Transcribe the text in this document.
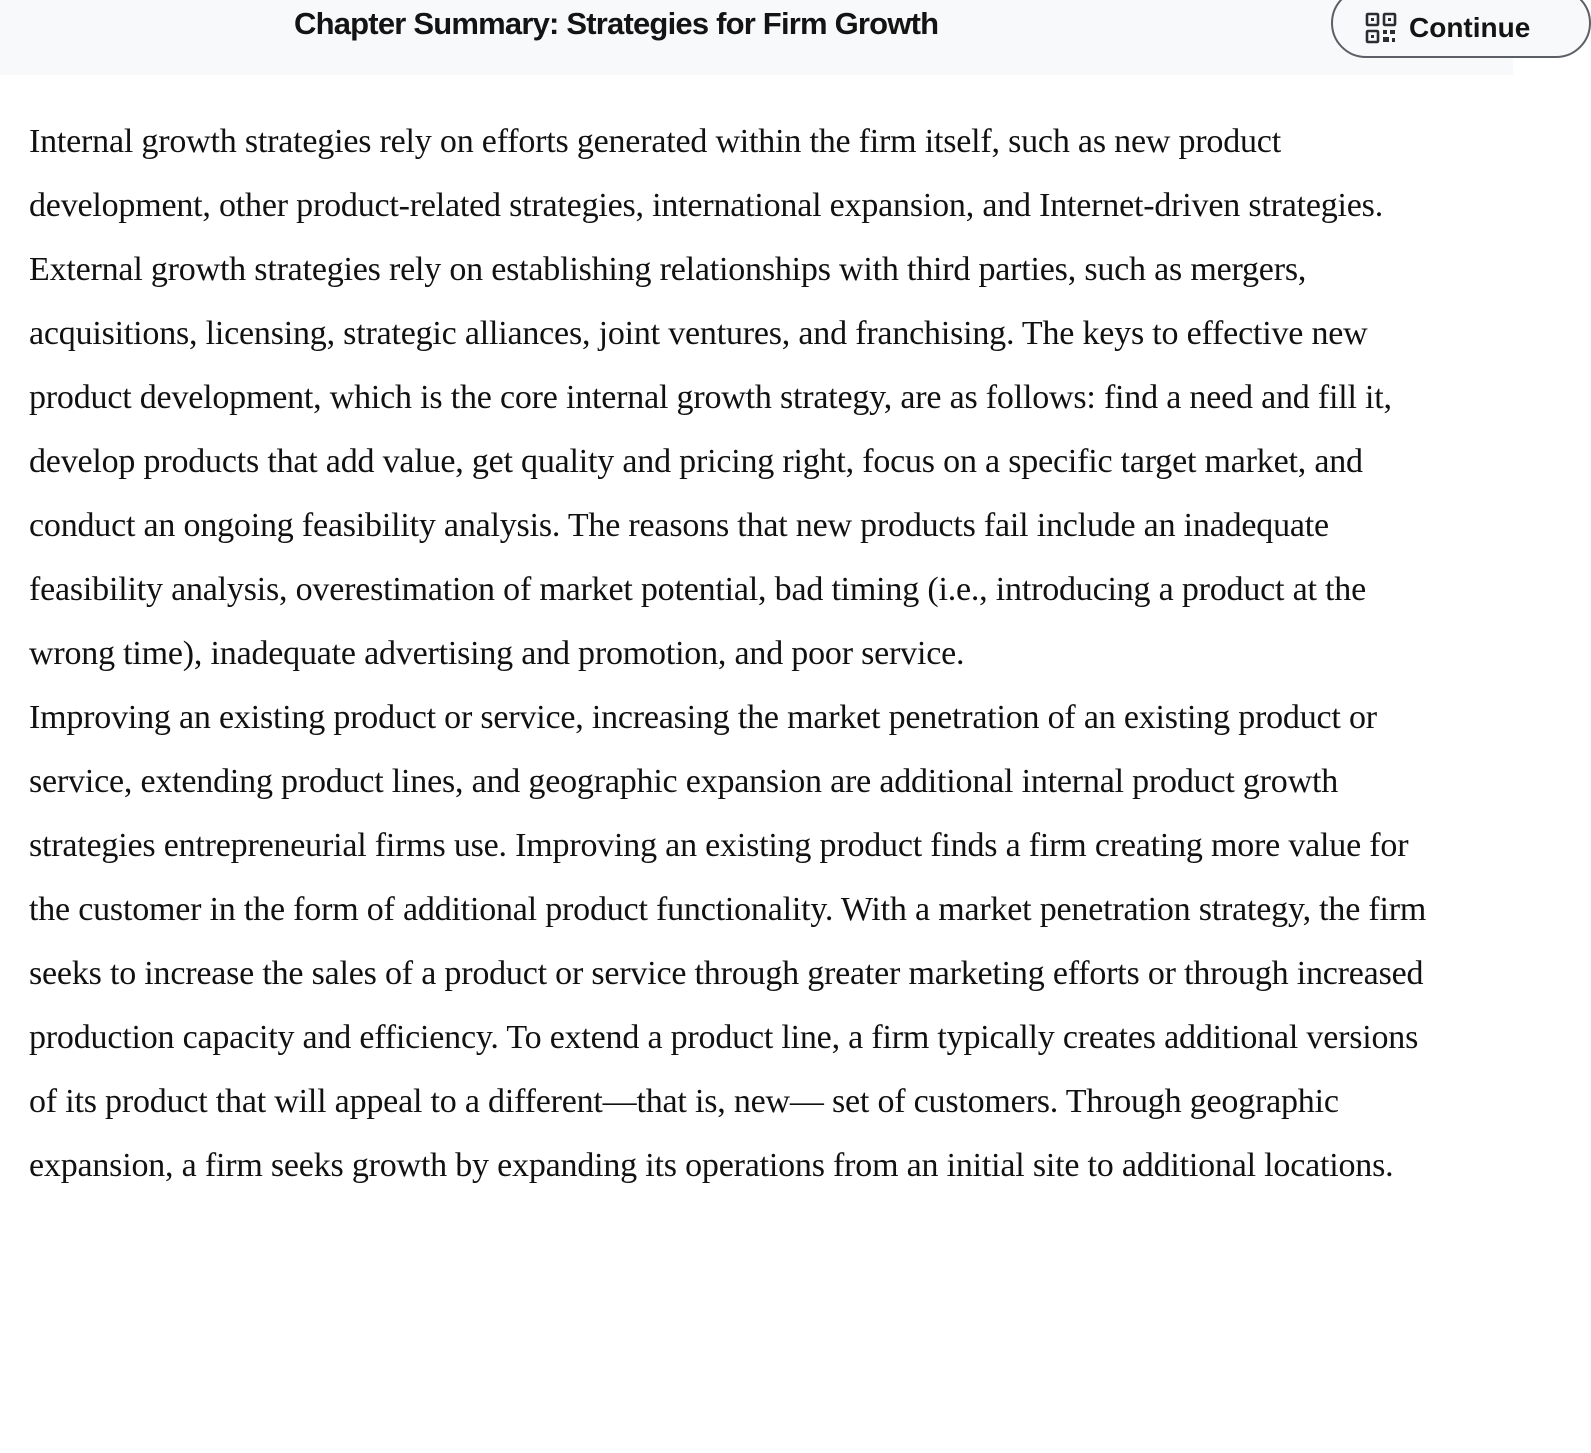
Chapter Summary: Strategies for Firm Growth	Continue

Internal growth strategies rely on efforts generated within the firm itself, such as new product development, other product-related strategies, international expansion, and Internet-driven strategies. External growth strategies rely on establishing relationships with third parties, such as mergers, acquisitions, licensing, strategic alliances, joint ventures, and franchising. The keys to effective new product development, which is the core internal growth strategy, are as follows: find a need and fill it, develop products that add value, get quality and pricing right, focus on a specific target market, and conduct an ongoing feasibility analysis. The reasons that new products fail include an inadequate feasibility analysis, overestimation of market potential, bad timing (i.e., introducing a product at the wrong time), inadequate advertising and promotion, and poor service.

Improving an existing product or service, increasing the market penetration of an existing product or service, extending product lines, and geographic expansion are additional internal product growth strategies entrepreneurial firms use. Improving an existing product finds a firm creating more value for the customer in the form of additional product functionality. With a market penetration strategy, the firm seeks to increase the sales of a product or service through greater marketing efforts or through increased production capacity and efficiency. To extend a product line, a firm typically creates additional versions of its product that will appeal to a different—that is, new— set of customers. Through geographic expansion, a firm seeks growth by expanding its operations from an initial site to additional locations.
